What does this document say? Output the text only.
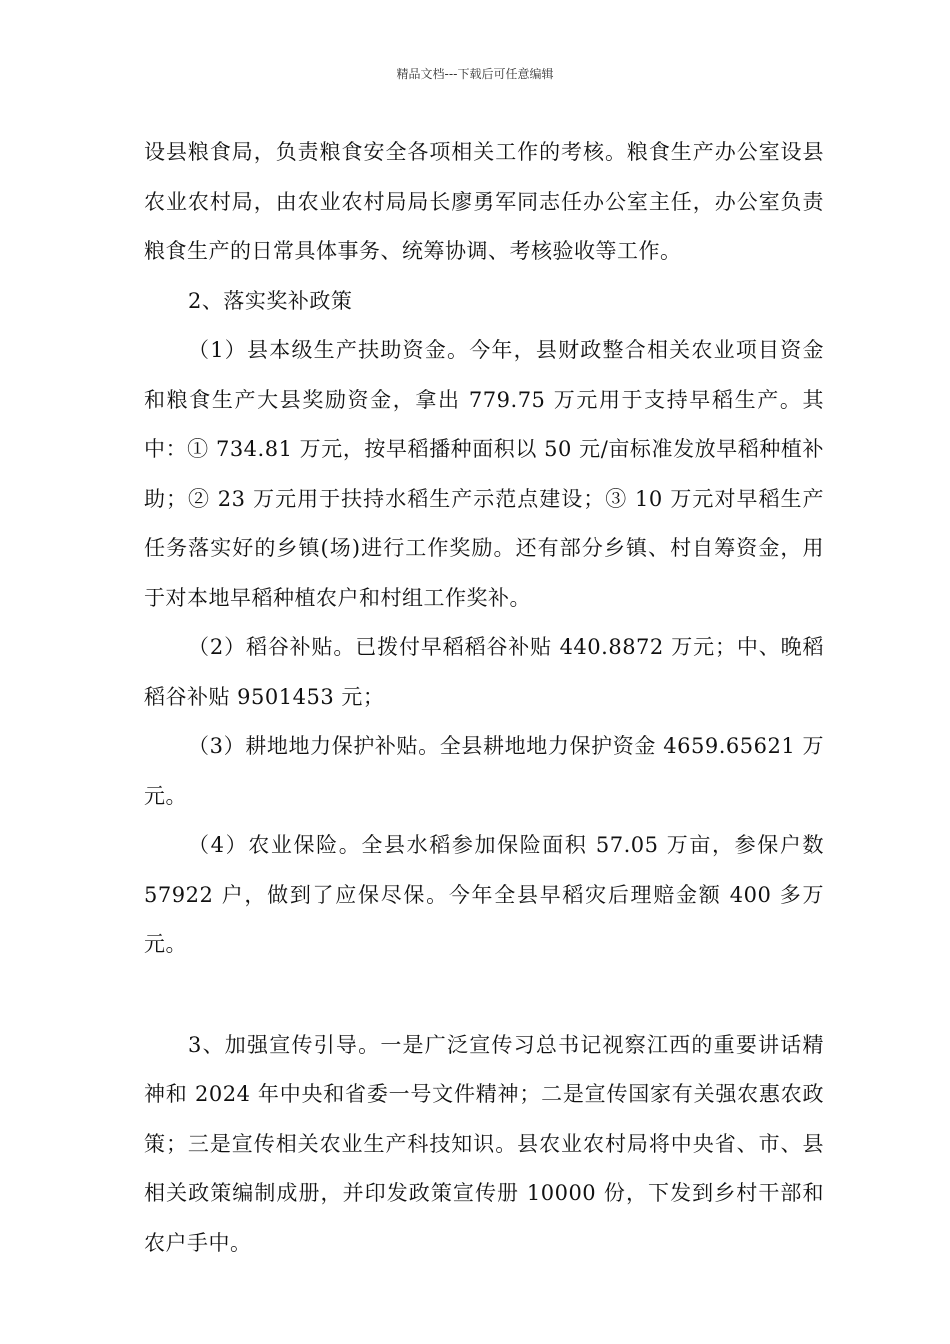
精品文档---下载后可任意编辑

设县粮食局，负责粮食安全各项相关工作的考核。粮食生产办公室设县农业农村局，由农业农村局局长廖勇军同志任办公室主任，办公室负责粮食生产的日常具体事务、统筹协调、考核验收等工作。

2、落实奖补政策

（1）县本级生产扶助资金。今年，县财政整合相关农业项目资金和粮食生产大县奖励资金，拿出 779.75 万元用于支持早稻生产。其中：① 734.81 万元，按早稻播种面积以 50 元/亩标准发放早稻种植补助；② 23 万元用于扶持水稻生产示范点建设；③ 10 万元对早稻生产任务落实好的乡镇(场)进行工作奖励。还有部分乡镇、村自筹资金，用于对本地早稻种植农户和村组工作奖补。

（2）稻谷补贴。已拨付早稻稻谷补贴 440.8872 万元；中、晚稻稻谷补贴 9501453 元；

（3）耕地地力保护补贴。全县耕地地力保护资金 4659.65621 万元。

（4）农业保险。全县水稻参加保险面积 57.05 万亩，参保户数 57922 户，做到了应保尽保。今年全县早稻灾后理赔金额 400 多万元。

3、加强宣传引导。一是广泛宣传习总书记视察江西的重要讲话精神和 2024 年中央和省委一号文件精神；二是宣传国家有关强农惠农政策；三是宣传相关农业生产科技知识。县农业农村局将中央省、市、县相关政策编制成册，并印发政策宣传册 10000 份，下发到乡村干部和农户手中。
